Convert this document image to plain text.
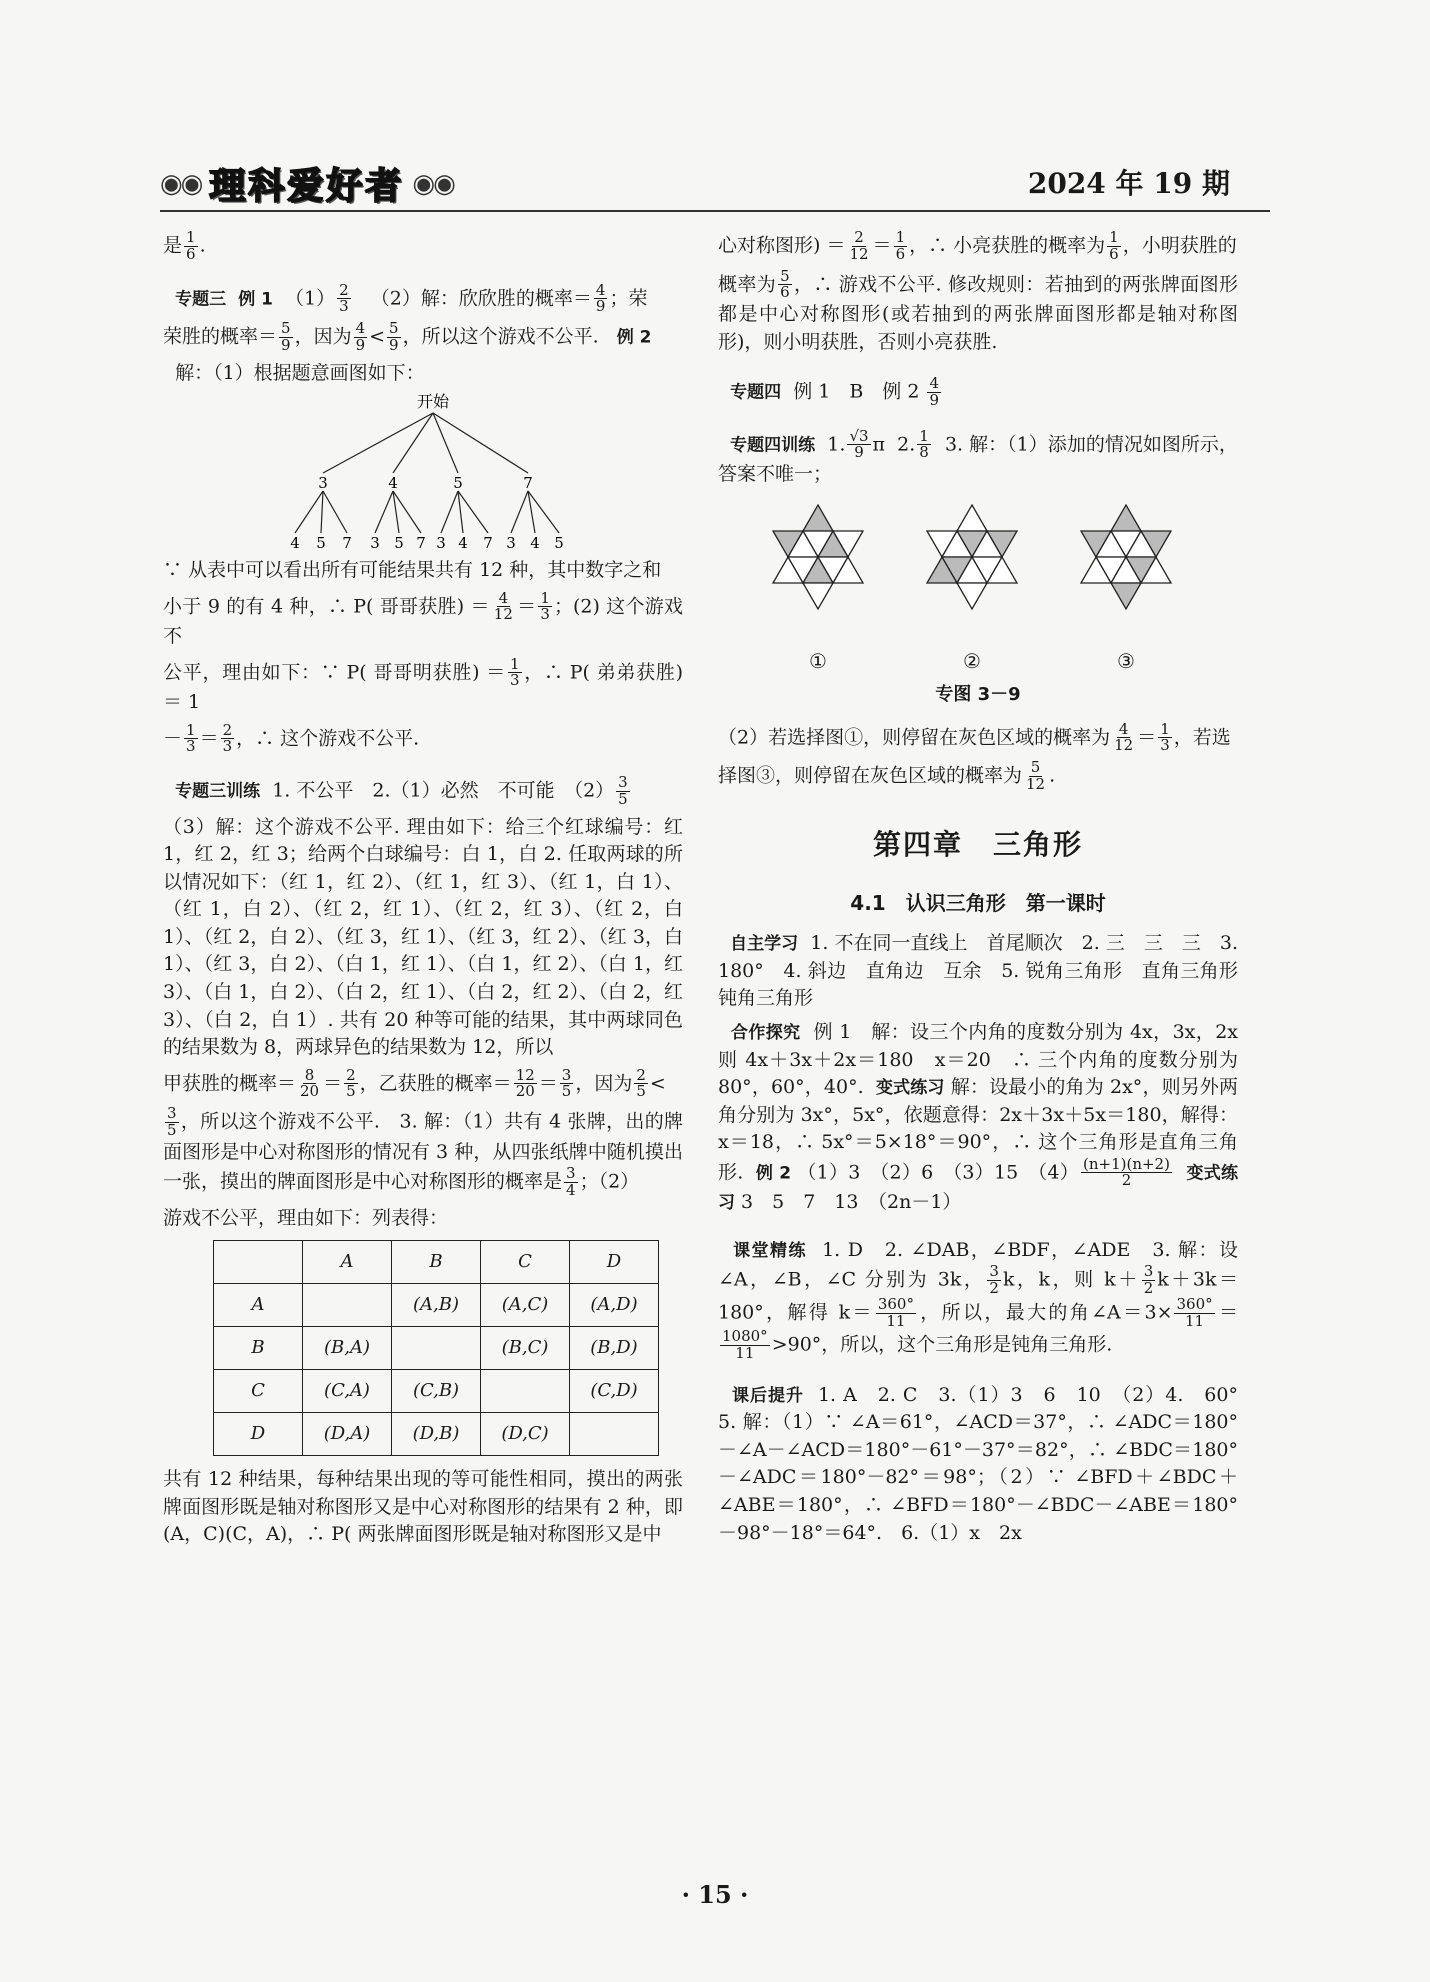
◉◉ 理科爱好者 ◉◉	2024 年 19 期

是 $\frac{1}{6}$ .

专题三 例 1 $(1) \frac{2}{3} (2)$解：欣欣胜的概率＝ $\frac{4}{9}$ ；荣

荣胜的概率＝ $\frac{5}{9}$ ，因为 $\frac{4}{9} < \frac{5}{9}$ ，所以这个游戏不公平. 例 2

解：（1）根据题意画图如下：

开始
3	4	5	7
4 5 7 3 5 7 3 4 7 3 4 5

∵ 从表中可以看出所有可能结果共有 12 种，其中数字之和

小于 9 的有 4 种，∴ P( 哥哥获胜) ＝ $\frac{4}{12} = \frac{1}{3}$ ；(2) 这个游戏不

公平，理由如下：∵ P( 哥哥明获胜) ＝ $\frac{1}{3}$ ，∴ P( 弟弟获胜) ＝ 1

－ $\frac{1}{3} = \frac{2}{3}$ ，∴ 这个游戏不公平.

专题三训练 1. 不公平　2.（1）必然　不可能　$(2) \frac{3}{5}$

（3）解：这个游戏不公平. 理由如下：给三个红球编号：红 1，红 2，红 3；给两个白球编号：白 1，白 2. 任取两球的所以情况如下：（红 1，红 2）、（红 1，红 3）、（红 1，白 1）、（红 1，白 2）、（红 2，红 1）、（红 2，红 3）、（红 2，白 1）、（红 2，白 2）、（红 3，红 1）、（红 3，红 2）、（红 3，白 1）、（红 3，白 2）、（白 1，红 1）、（白 1，红 2）、（白 1，红 3）、（白 1，白 2）、（白 2，红 1）、（白 2，红 2）、（白 2，红 3）、（白 2，白 1）. 共有 20 种等可能的结果，其中两球同色的结果数为 8，两球异色的结果数为 12，所以

甲获胜的概率＝ $\frac{8}{20} = \frac{2}{5}$ ，乙获胜的概率＝ $\frac{12}{20} = \frac{3}{5}$ ，因为 $\frac{2}{5}$ <

$\frac{3}{5}$ ，所以这个游戏不公平.　3. 解：（1）共有 4 张牌，出的牌面图形是中心对称图形的情况有 3 种，从四张纸牌中随机摸出一张，摸出的牌面图形是中心对称图形的概率是 $\frac{3}{4}$ ；（2）

游戏不公平，理由如下：列表得：

	A	B	C	D
A		(A,B)	(A,C)	(A,D)
B	(B,A)		(B,C)	(B,D)
C	(C,A)	(C,B)		(C,D)
D	(D,A)	(D,B)	(D,C)	

共有 12 种结果，每种结果出现的等可能性相同，摸出的两张牌面图形既是轴对称图形又是中心对称图形的结果有 2 种，即(A，C)(C，A)，∴ P( 两张牌面图形既是轴对称图形又是中

心对称图形) ＝ $\frac{2}{12} = \frac{1}{6}$ ，∴ 小亮获胜的概率为 $\frac{1}{6}$ ，小明获胜的

概率为 $\frac{5}{6}$ ，∴ 游戏不公平. 修改规则：若抽到的两张牌面图形都是中心对称图形(或若抽到的两张牌面图形都是轴对称图形)，则小明获胜，否则小亮获胜.

专题四 例 1　B　例 $2 \frac{4}{9}$

专题四训练 1. $\frac{√3}{9}$ π 2. $\frac{1}{8} 3$. 解：（1）添加的情况如图所示，答案不唯一；

①	②	③
专图 3－9

（2）若选择图①，则停留在灰色区域的概率为 $\frac{4}{12} = \frac{1}{3}$ ，若选

择图③，则停留在灰色区域的概率为 $\frac{5}{12}$ .

第四章　三角形
4.1　认识三角形　第一课时

自主学习 1. 不在同一直线上　首尾顺次　2. 三　三　三　3. 180°　4. 斜边　直角边　互余　5. 锐角三角形　直角三角形　钝角三角形

合作探究 例 1　解：设三个内角的度数分别为 4x，3x，2x　则 4x＋3x＋2x＝180　x＝20　∴ 三个内角的度数分别为 80°，60°，40°. 变式练习 解：设最小的角为 2x°，则另外两角分别为 3x°，5x°，依题意得：2x＋3x＋5x＝180，解得：x＝18，∴ 5x°＝5×18°＝90°，∴ 这个三角形是直角三角形. 例 2 （1）3　（2）6　（3）15　$(4) \frac{(n+1)(n+2)}{2}$ 变式练习 3　5　7　13　（2n－1）

课堂精练 1. D　2. ∠DAB，∠BDF，∠ADE　3. 解：设∠A，∠B，∠C 分别为 3k， $\frac{3}{2}$ k，k，则 $k+ \frac{3}{2} k+3k=180^\circ$，解得 $k= \frac{360^\circ}{11}$ ，所以，最大的角∠A＝3× $\frac{360^\circ}{11}$ ＝
$\frac{1080^\circ}{11} >90^\circ$，所以，这个三角形是钝角三角形.

课后提升 1. A　2. C　3.（1）3　6　10　（2）4.　60°　5. 解：（1）∵ ∠A＝61°，∠ACD＝37°，∴ ∠ADC＝180°－∠A－∠ACD＝180°－61°－37°＝82°，∴ ∠BDC＝180°－∠ADC＝180°－82°＝98°；（2）∵ ∠BFD＋∠BDC＋∠ABE＝180°，∴ ∠BFD＝180°－∠BDC－∠ABE＝180°－98°－18°＝64°.　6.（1）x　2x

· 15 ·
